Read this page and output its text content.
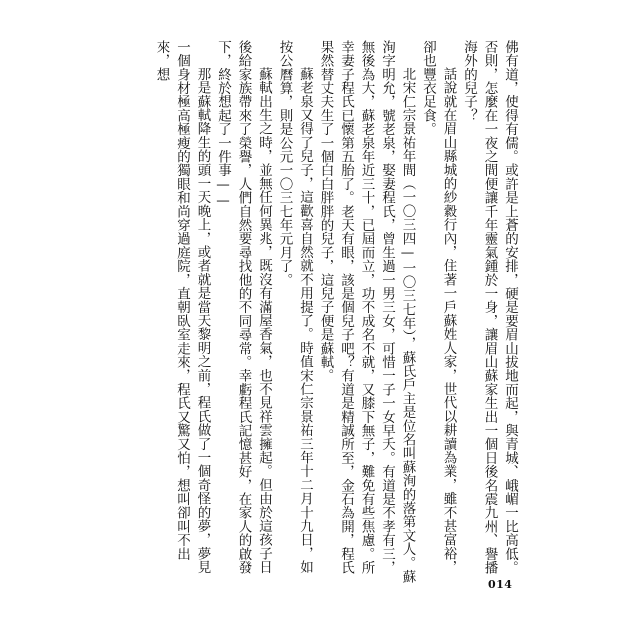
佛有道，使得有儒。或許是上蒼的安排，硬是要眉山拔地而起，與青城、峨嵋一比高低。否則，怎麼在一夜之間便讓千年靈氣鍾於一身，讓眉山蘇家生出一個日後名震九州、譽播海外的兒子？

話說就在眉山縣城的紗縠行內，住著一戶蘇姓人家，世代以耕讀為業，雖不甚富裕，卻也豐衣足食。

北宋仁宗景祐年間（一〇三四—一〇三七年），蘇氏戶主是位名叫蘇洵的落第文人。蘇洵字明允，號老泉，娶妻程氏，曾生過一男三女，可惜一子一女早夭。有道是不孝有三，無後為大，蘇老泉年近三十，已屆而立，功不成名不就，又膝下無子，難免有些焦慮。所幸妻子程氏已懷第五胎了。老天有眼，該是個兒子吧？有道是精誠所至，金石為開，程氏果然替丈夫生了一個白白胖胖的兒子，這兒子便是蘇軾。

蘇老泉又得了兒子，這歡喜自然就不用提了。時值宋仁宗景祐三年十二月十九日，如按公曆算，則是公元一〇三七年元月了。

蘇軾出生之時，並無任何異兆，既沒有滿屋香氣，也不見祥雲擁起。但由於這孩子日後給家族帶來了榮譽，人們自然要尋找他的不同尋常。幸虧程氏記憶甚好，在家人的啟發下，終於想起了一件事——

那是蘇軾降生的頭一天晚上，或者就是當天黎明之前，程氏做了一個奇怪的夢，夢見一個身材極高極瘦的獨眼和尚穿過庭院，直朝臥室走來，程氏又驚又怕，想叫卻叫不出來，想

014
